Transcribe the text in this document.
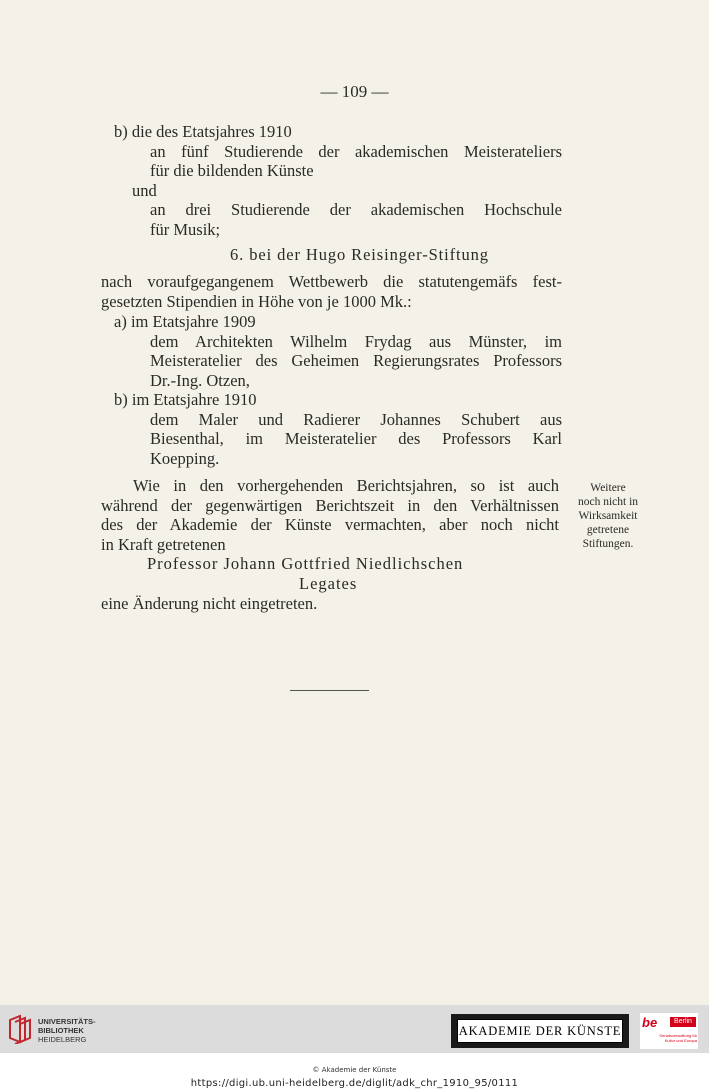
— 109 —
b) die des Etatsjahres 1910
an fünf Studierende der akademischen Meisterateliers
für die bildenden Künste
und
an drei Studierende der akademischen Hochschule
für Musik;
6. bei der Hugo Reisinger-Stiftung
nach voraufgegangenem Wettbewerb die statutengemäfs fest-
gesetzten Stipendien in Höhe von je 1000 Mk.:
a) im Etatsjahre 1909
dem Architekten Wilhelm Frydag aus Münster, im
Meisteratelier des Geheimen Regierungsrates Professors
Dr.-Ing. Otzen,
b) im Etatsjahre 1910
dem Maler und Radierer Johannes Schubert aus
Biesenthal, im Meisteratelier des Professors Karl
Koepping.
Wie in den vorhergehenden Berichtsjahren, so ist auch
während der gegenwärtigen Berichtszeit in den Verhältnissen
des der Akademie der Künste vermachten, aber noch nicht
in Kraft getretenen
Professor Johann Gottfried Niedlichschen
Legates
eine Änderung nicht eingetreten.
Weitere
noch nicht in
Wirksamkeit
getretene
Stiftungen.
UNIVERSITÄTS-
BIBLIOTHEK
HEIDELBERG
AKADEMIE DER KÜNSTE
be	Berlin
Senatsverwaltung für Kultur und Europa
© Akademie der Künste
https://digi.ub.uni-heidelberg.de/diglit/adk_chr_1910_95/0111
